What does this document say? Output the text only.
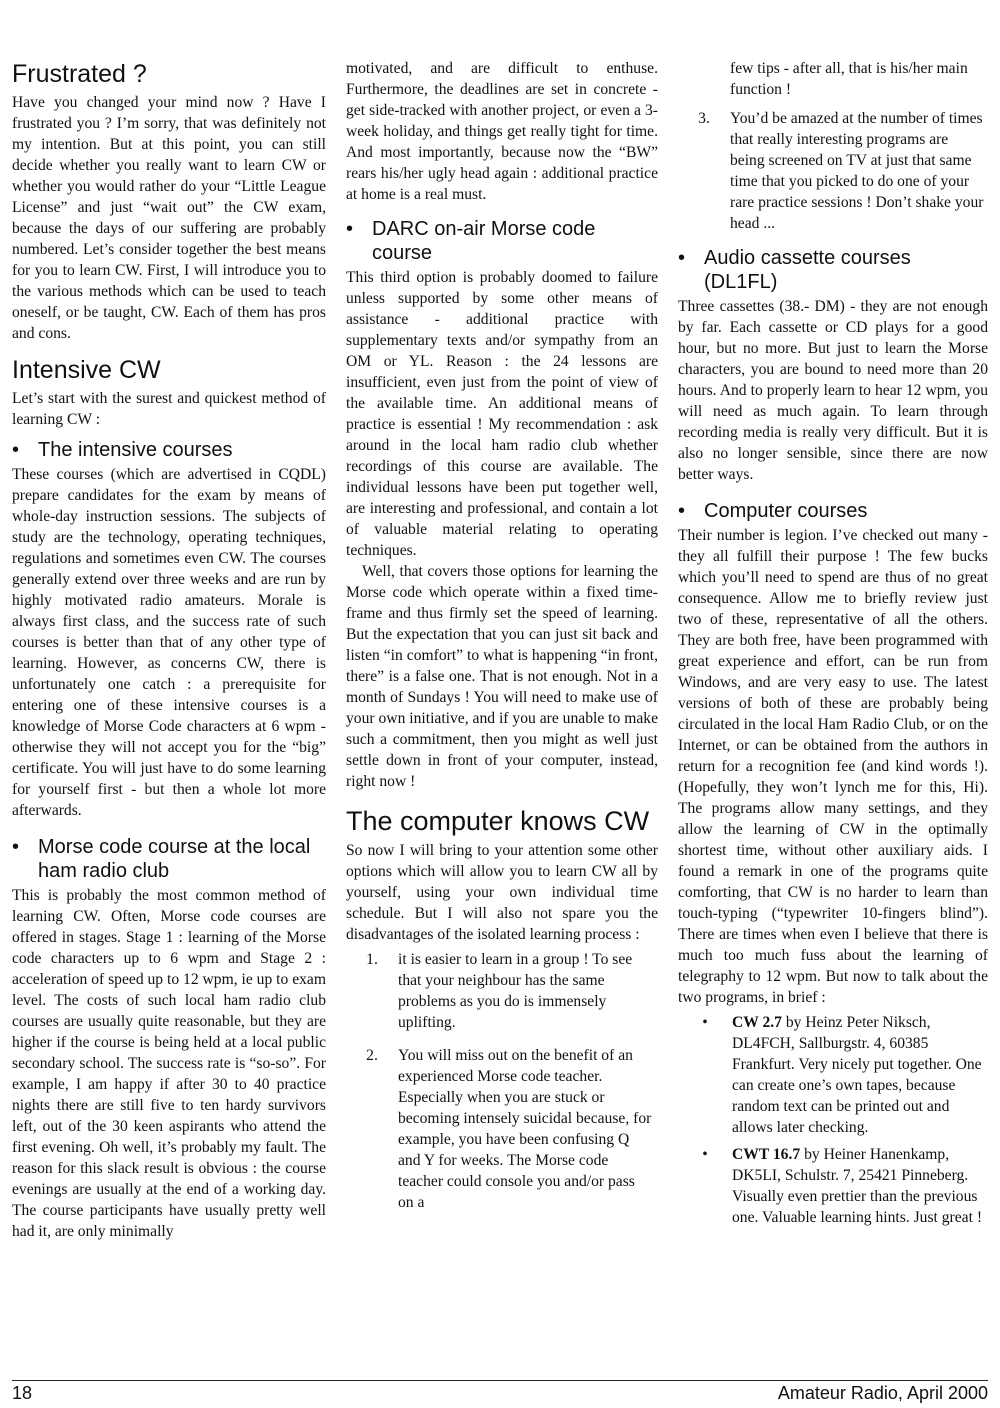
Frustrated ?

Have you changed your mind now ? Have I frustrated you ? I’m sorry, that was definitely not my intention. But at this point, you can still decide whether you really want to learn CW or whether you would rather do your “Little League License” and just “wait out” the CW exam, because the days of our suffering are probably numbered. Let’s consider together the best means for you to learn CW. First, I will introduce you to the various methods which can be used to teach oneself, or be taught, CW. Each of them has pros and cons.

Intensive CW

Let’s start with the surest and quickest method of learning CW :

• The intensive courses

These courses (which are advertised in CQDL) prepare candidates for the exam by means of whole-day instruction sessions. The subjects of study are the technology, operating techniques, regulations and sometimes even CW. The courses generally extend over three weeks and are run by highly motivated radio amateurs. Morale is always first class, and the success rate of such courses is better than that of any other type of learning. However, as concerns CW, there is unfortunately one catch : a prerequisite for entering one of these intensive courses is a knowledge of Morse Code characters at 6 wpm - otherwise they will not accept you for the “big” certificate. You will just have to do some learning for yourself first - but then a whole lot more afterwards.

• Morse code course at the local ham radio club

This is probably the most common method of learning CW. Often, Morse code courses are offered in stages. Stage 1 : learning of the Morse code characters up to 6 wpm and Stage 2 : acceleration of speed up to 12 wpm, ie up to exam level. The costs of such local ham radio club courses are usually quite reasonable, but they are higher if the course is being held at a local public secondary school. The success rate is “so-so”. For example, I am happy if after 30 to 40 practice nights there are still five to ten hardy survivors left, out of the 30 keen aspirants who attend the first evening. Oh well, it’s probably my fault. The reason for this slack result is obvious : the course evenings are usually at the end of a working day. The course participants have usually pretty well had it, are only minimally

motivated, and are difficult to enthuse. Furthermore, the deadlines are set in concrete - get side-tracked with another project, or even a 3-week holiday, and things get really tight for time. And most importantly, because now the “BW” rears his/her ugly head again : additional practice at home is a real must.

• DARC on-air Morse code course

This third option is probably doomed to failure unless supported by some other means of assistance - additional practice with supplementary texts and/or sympathy from an OM or YL. Reason : the 24 lessons are insufficient, even just from the point of view of the available time. An additional means of practice is essential ! My recommendation : ask around in the local ham radio club whether recordings of this course are available. The individual lessons have been put together well, are interesting and professional, and contain a lot of valuable material relating to operating techniques.

Well, that covers those options for learning the Morse code which operate within a fixed time-frame and thus firmly set the speed of learning. But the expectation that you can just sit back and listen “in comfort” to what is happening “in front, there” is a false one. That is not enough. Not in a month of Sundays ! You will need to make use of your own initiative, and if you are unable to make such a commitment, then you might as well just settle down in front of your computer, instead, right now !

The computer knows CW

So now I will bring to your attention some other options which will allow you to learn CW all by yourself, using your own individual time schedule. But I will also not spare you the disadvantages of the isolated learning process :

1.	it is easier to learn in a group ! To see that your neighbour has the same problems as you do is immensely uplifting.
2.	You will miss out on the benefit of an experienced Morse code teacher. Especially when you are stuck or becoming intensely suicidal because, for example, you have been confusing Q and Y for weeks. The Morse code teacher could console you and/or pass on a

few tips - after all, that is his/her main function !

3.	You’d be amazed at the number of times that really interesting programs are being screened on TV at just that same time that you picked to do one of your rare practice sessions ! Don’t shake your head ...
• Audio cassette courses (DL1FL)

Three cassettes (38.- DM) - they are not enough by far. Each cassette or CD plays for a good hour, but no more. But just to learn the Morse characters, you are bound to need more than 20 hours. And to properly learn to hear 12 wpm, you will need as much again. To learn through recording media is really very difficult. But it is also no longer sensible, since there are now better ways.

• Computer courses

Their number is legion. I’ve checked out many - they all fulfill their purpose ! The few bucks which you’ll need to spend are thus of no great consequence. Allow me to briefly review just two of these, representative of all the others. They are both free, have been programmed with great experience and effort, can be run from Windows, and are very easy to use. The latest versions of both of these are probably being circulated in the local Ham Radio Club, or on the Internet, or can be obtained from the authors in return for a recognition fee (and kind words !). (Hopefully, they won’t lynch me for this, Hi). The programs allow many settings, and they allow the learning of CW in the optimally shortest time, without other auxiliary aids. I found a remark in one of the programs quite comforting, that CW is no harder to learn than touch-typing (“typewriter 10-fingers blind”). There are times when even I believe that there is much too much fuss about the learning of telegraphy to 12 wpm. But now to talk about the two programs, in brief :

•	CW 2.7 by Heinz Peter Niksch, DL4FCH, Sallburgstr. 4, 60385 Frankfurt. Very nicely put together. One can create one’s own tapes, because random text can be printed out and allows later checking.
•	CWT 16.7 by Heiner Hanenkamp, DK5LI, Schulstr. 7, 25421 Pinneberg. Visually even prettier than the previous one. Valuable learning hints. Just great !
18	Amateur Radio, April 2000
